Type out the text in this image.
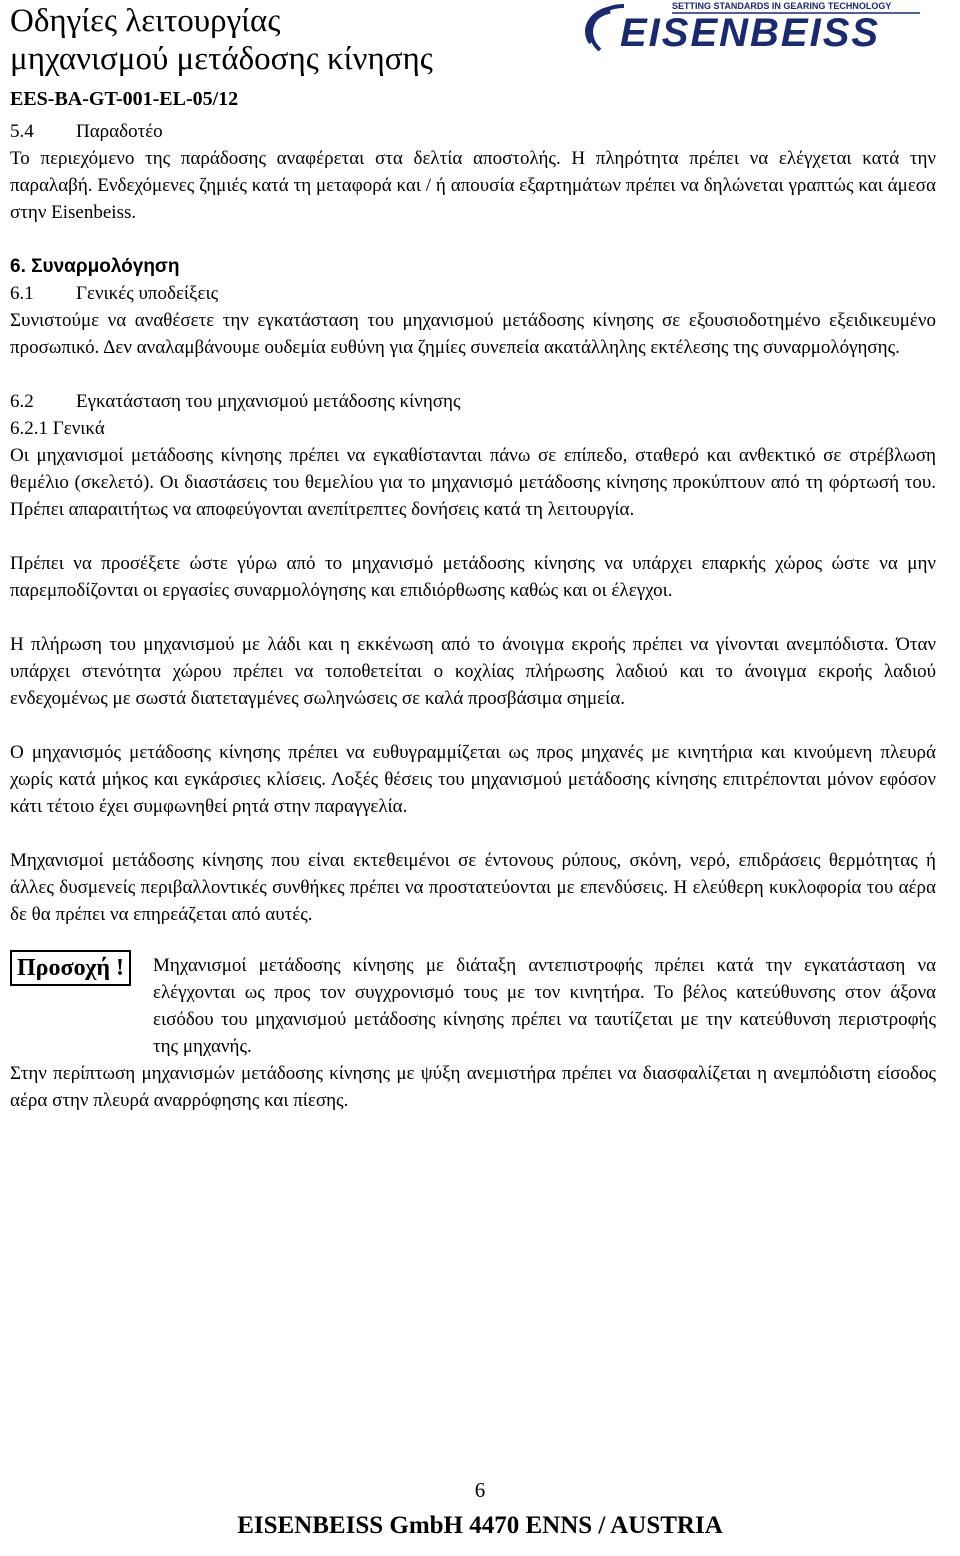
Οδηγίες λειτουργίας
μηχανισμού μετάδοσης κίνησης
EES-BA-GT-001-EL-05/12
SETTING STANDARDS IN GEARING TECHNOLOGY
EISENBEISS
5.4	Παραδοτέο

Το περιεχόμενο της παράδοσης αναφέρεται στα δελτία αποστολής. Η πληρότητα πρέπει να ελέγχεται κατά την παραλαβή. Ενδεχόμενες ζημιές κατά τη μεταφορά και / ή απουσία εξαρτημάτων πρέπει να δηλώνεται γραπτώς και άμεσα στην Eisenbeiss.

6. Συναρμολόγηση
6.1	Γενικές υποδείξεις

Συνιστούμε να αναθέσετε την εγκατάσταση του μηχανισμού μετάδοσης κίνησης σε εξουσιοδοτημένο εξειδικευμένο προσωπικό. Δεν αναλαμβάνουμε ουδεμία ευθύνη για ζημίες συνεπεία ακατάλληλης εκτέλεσης της συναρμολόγησης.

6.2	Εγκατάσταση του μηχανισμού μετάδοσης κίνησης
6.2.1 Γενικά

Οι μηχανισμοί μετάδοσης κίνησης πρέπει να εγκαθίστανται πάνω σε επίπεδο, σταθερό και ανθεκτικό σε στρέβλωση θεμέλιο (σκελετό). Οι διαστάσεις του θεμελίου για το μηχανισμό μετάδοσης κίνησης προκύπτουν από τη φόρτωσή του. Πρέπει απαραιτήτως να αποφεύγονται ανεπίτρεπτες δονήσεις κατά τη λειτουργία.

Πρέπει να προσέξετε ώστε γύρω από το μηχανισμό μετάδοσης κίνησης να υπάρχει επαρκής χώρος ώστε να μην παρεμποδίζονται οι εργασίες συναρμολόγησης και επιδιόρθωσης καθώς και οι έλεγχοι.

Η πλήρωση του μηχανισμού με λάδι και η εκκένωση από το άνοιγμα εκροής πρέπει να γίνονται ανεμπόδιστα. Όταν υπάρχει στενότητα χώρου πρέπει να τοποθετείται ο κοχλίας πλήρωσης λαδιού και το άνοιγμα εκροής λαδιού ενδεχομένως με σωστά διατεταγμένες σωληνώσεις σε καλά προσβάσιμα σημεία.

Ο μηχανισμός μετάδοσης κίνησης πρέπει να ευθυγραμμίζεται ως προς μηχανές με κινητήρια και κινούμενη πλευρά χωρίς κατά μήκος και εγκάρσιες κλίσεις. Λοξές θέσεις του μηχανισμού μετάδοσης κίνησης επιτρέπονται μόνον εφόσον κάτι τέτοιο έχει συμφωνηθεί ρητά στην παραγγελία.

Μηχανισμοί μετάδοσης κίνησης που είναι εκτεθειμένοι σε έντονους ρύπους, σκόνη, νερό, επιδράσεις θερμότητας ή άλλες δυσμενείς περιβαλλοντικές συνθήκες πρέπει να προστατεύονται με επενδύσεις. Η ελεύθερη κυκλοφορία του αέρα δε θα πρέπει να επηρεάζεται από αυτές.

Προσοχή !	Μηχανισμοί μετάδοσης κίνησης με διάταξη αντεπιστροφής πρέπει κατά την εγκατάσταση να ελέγχονται ως προς τον συγχρονισμό τους με τον κινητήρα. Το βέλος κατεύθυνσης στον άξονα εισόδου του μηχανισμού μετάδοσης κίνησης πρέπει να ταυτίζεται με την κατεύθυνση περιστροφής της μηχανής.

Στην περίπτωση μηχανισμών μετάδοσης κίνησης με ψύξη ανεμιστήρα πρέπει να διασφαλίζεται η ανεμπόδιστη είσοδος αέρα στην πλευρά αναρρόφησης και πίεσης.

6
EISENBEISS GmbH 4470 ENNS / AUSTRIA
